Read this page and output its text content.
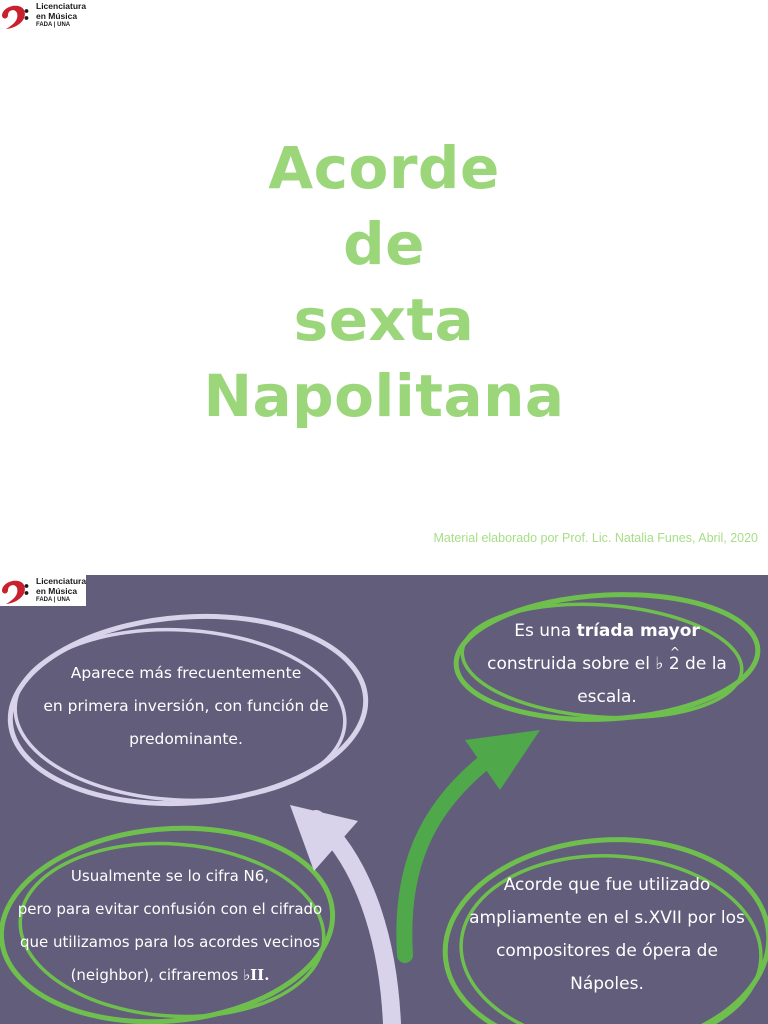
Licenciatura
en Música
FADA | UNA
Acorde
de
sexta
Napolitana
Material elaborado por Prof. Lic. Natalia Funes, Abril, 2020
Licenciatura
en Música
FADA | UNA
Aparece más frecuentemente
en primera inversión, con función de
predominante.
Es una tríada mayor
construida sobre el ♭ ^ 2 de la
escala.
Usualmente se lo cifra N6,
pero para evitar confusión con el cifrado
que utilizamos para los acordes vecinos
(neighbor), cifraremos ♭II.
Acorde que fue utilizado
ampliamente en el s.XVII por los
compositores de ópera de
Nápoles.
